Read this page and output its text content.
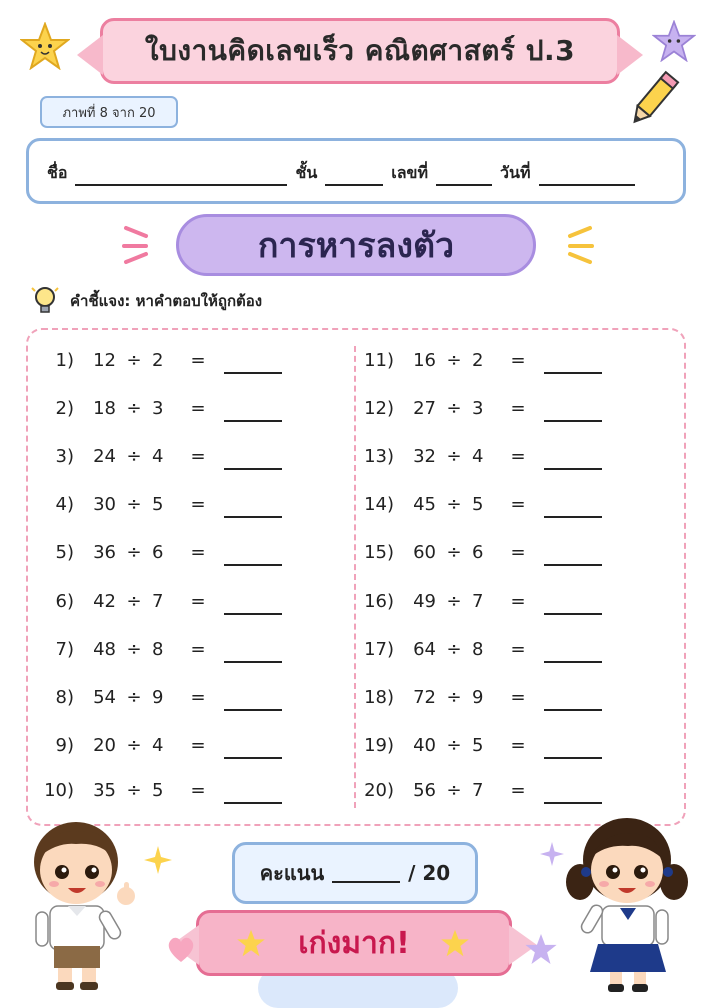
ใบงานคิดเลขเร็ว คณิตศาสตร์ ป.3
ภาพที่ 8 จาก 20
ชื่อ	ชั้น	เลขที่	วันที่
การหารลงตัว
คำชี้แจง: หาคำตอบให้ถูกต้อง
1)	12 ÷ 2	=
2)	18 ÷ 3	=
3)	24 ÷ 4	=
4)	30 ÷ 5	=
5)	36 ÷ 6	=
6)	42 ÷ 7	=
7)	48 ÷ 8	=
8)	54 ÷ 9	=
9)	20 ÷ 4	=
10)	35 ÷ 5	=
11)	16 ÷ 2	=
12)	27 ÷ 3	=
13)	32 ÷ 4	=
14)	45 ÷ 5	=
15)	60 ÷ 6	=
16)	49 ÷ 7	=
17)	64 ÷ 8	=
18)	72 ÷ 9	=
19)	40 ÷ 5	=
20)	56 ÷ 7	=
คะแนน	/ 20
เก่งมาก!
